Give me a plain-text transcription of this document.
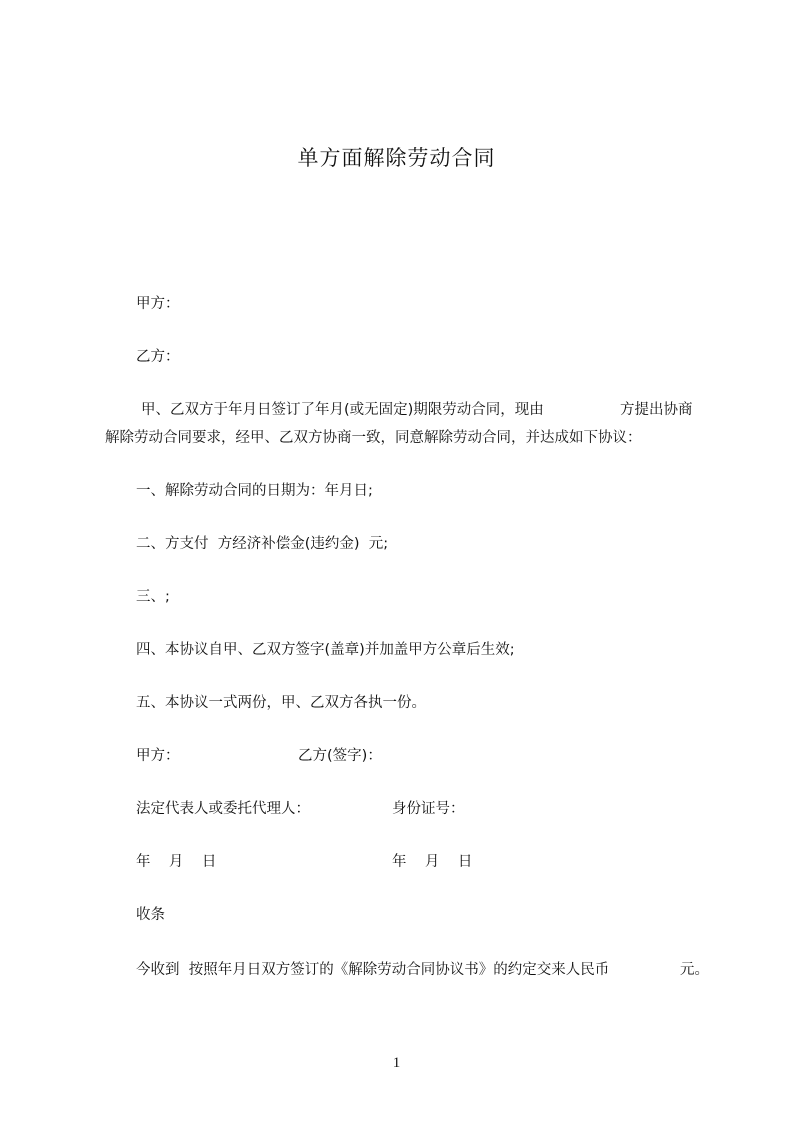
单方面解除劳动合同
甲方：
乙方：
甲、乙双方于年月日签订了年月(或无固定)期限劳动合同，现由	方提出协商
解除劳动合同要求，经甲、乙双方协商一致，同意解除劳动合同，并达成如下协议：
一、解除劳动合同的日期为：年月日;
二、方支付  方经济补偿金(违约金)  元;
三、;
四、本协议自甲、乙双方签字(盖章)并加盖甲方公章后生效;
五、本协议一式两份，甲、乙双方各执一份。
甲方：	乙方(签字)：
法定代表人或委托代理人：	身份证号：
年    月    日	年    月    日
收条
今收到  按照年月日双方签订的《解除劳动合同协议书》的约定交来人民币	元。
1
